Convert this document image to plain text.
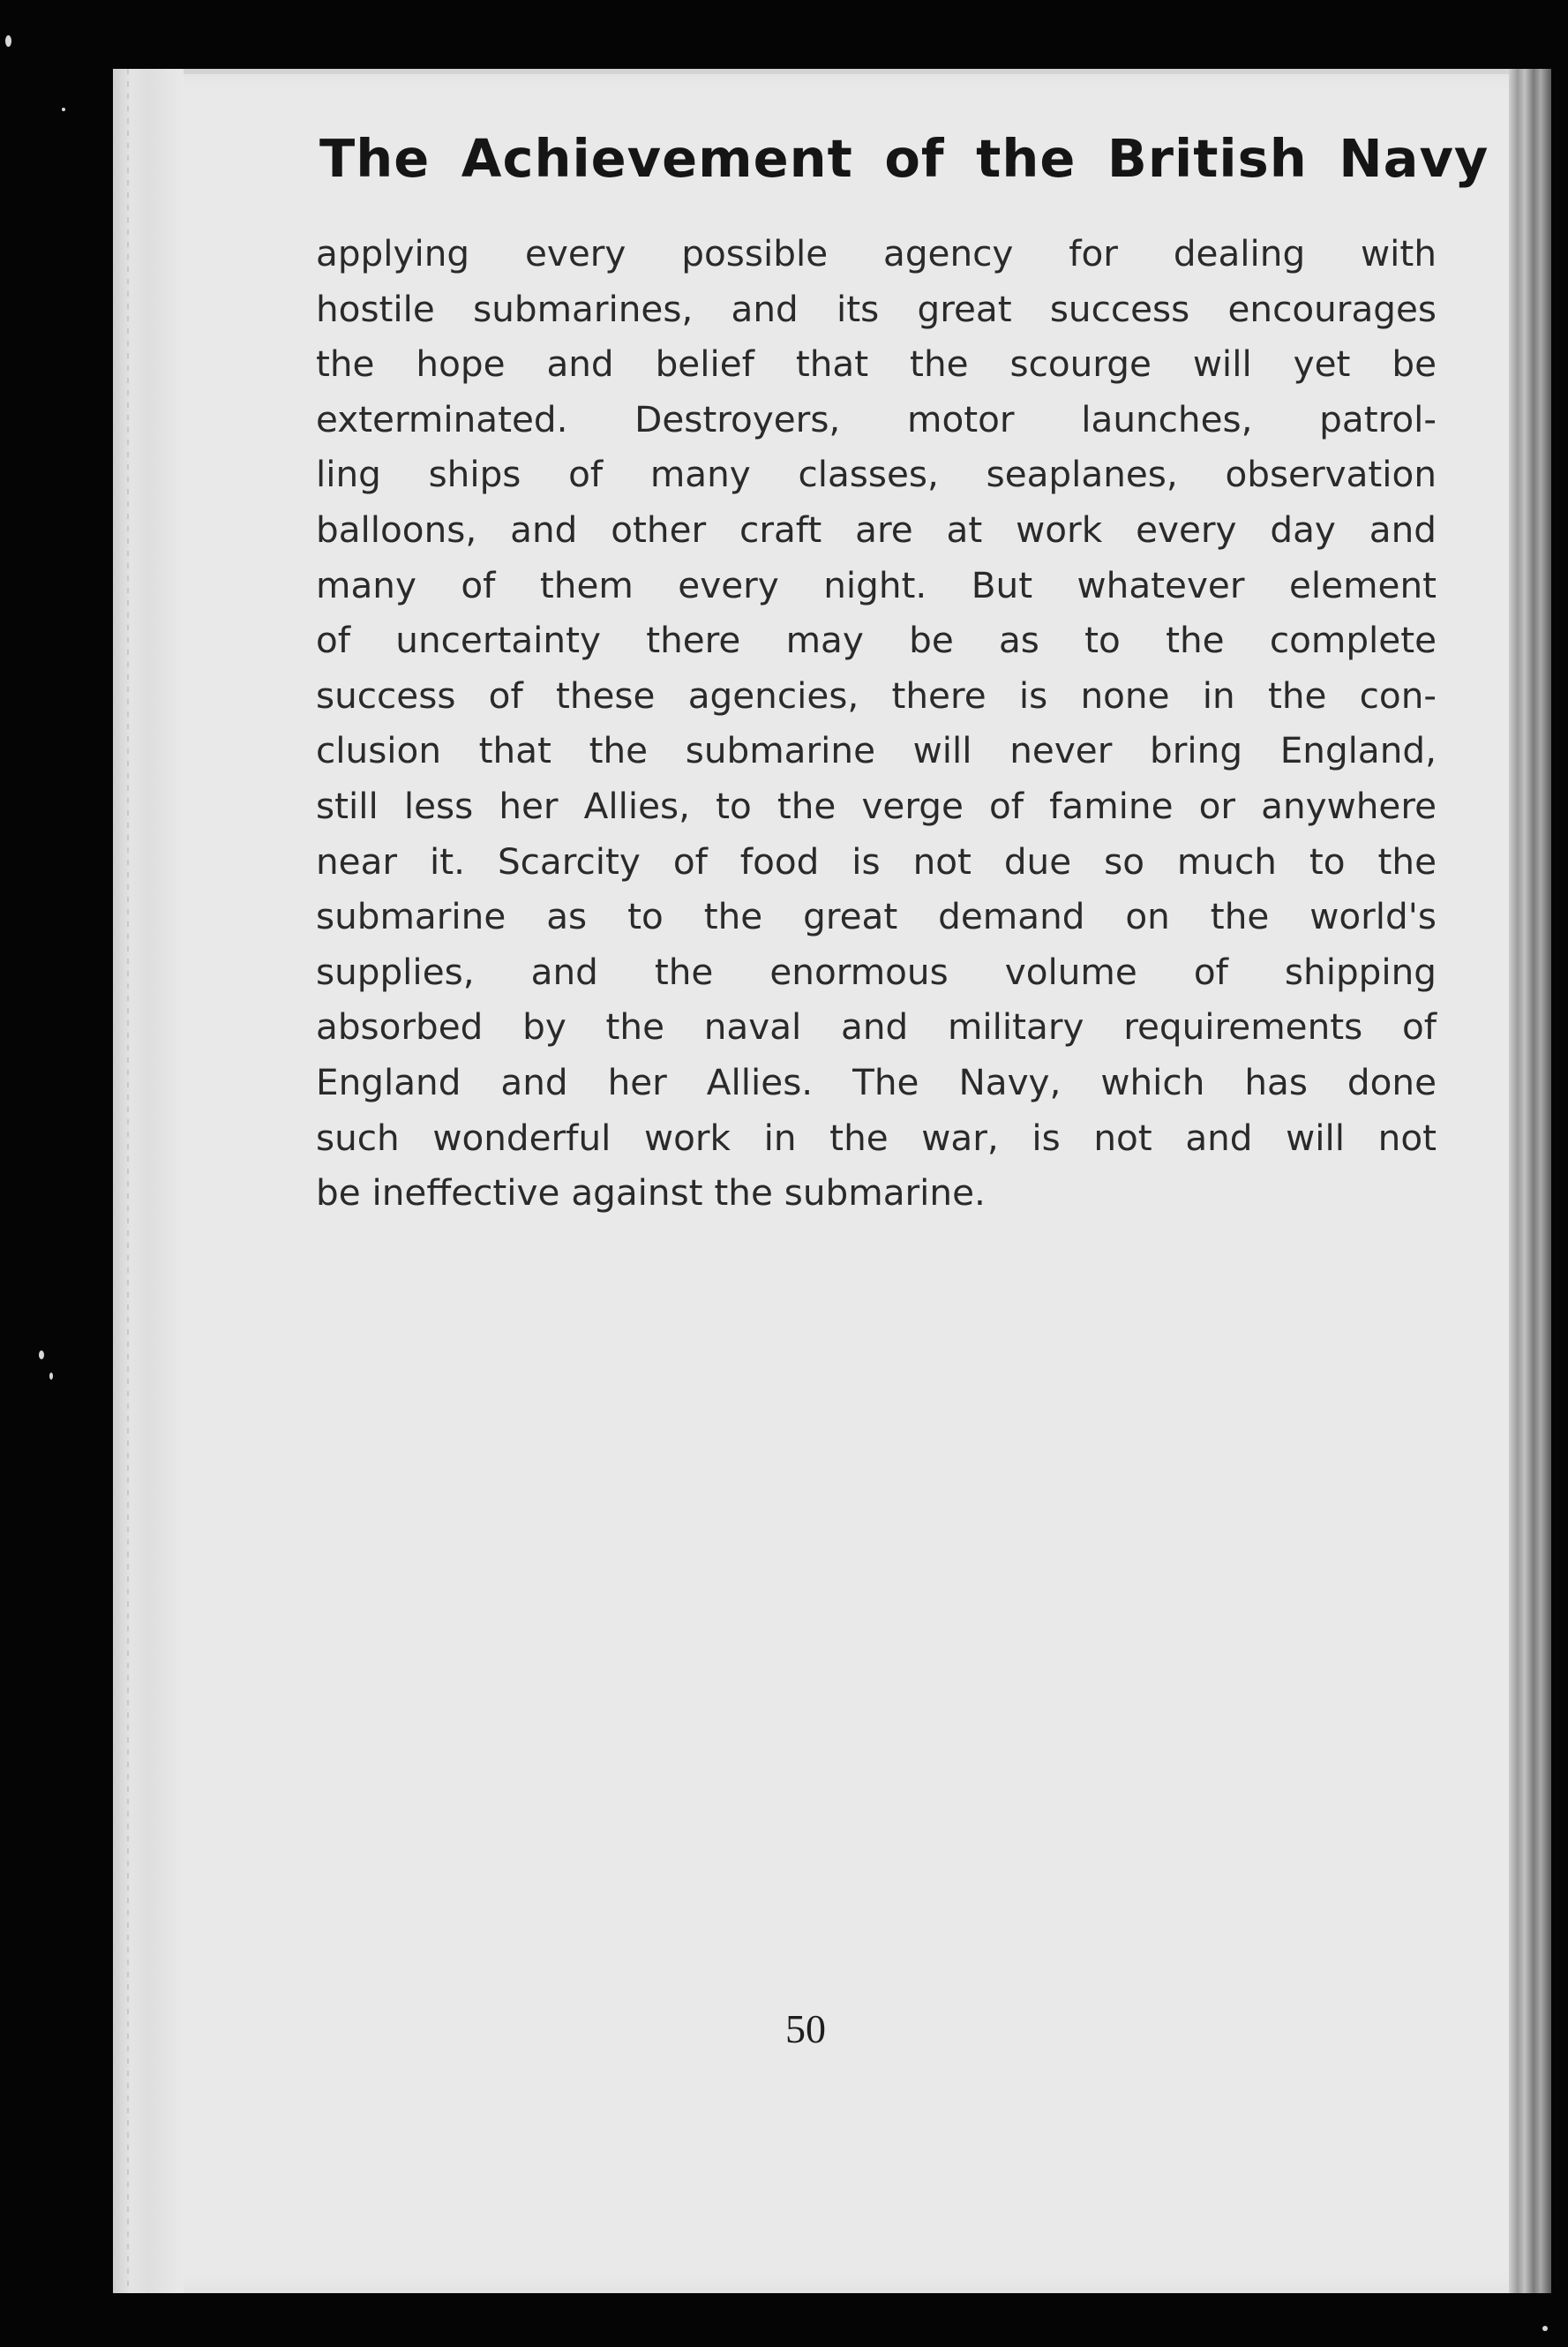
The Achievement of the British Navy
applying every possible agency for dealing with
hostile submarines, and its great success encourages
the hope and belief that the scourge will yet be
exterminated. Destroyers, motor launches, patrol-
ling ships of many classes, seaplanes, observation
balloons, and other craft are at work every day and
many of them every night. But whatever element
of uncertainty there may be as to the complete
success of these agencies, there is none in the con-
clusion that the submarine will never bring England,
still less her Allies, to the verge of famine or anywhere
near it. Scarcity of food is not due so much to the
submarine as to the great demand on the world's
supplies, and the enormous volume of shipping
absorbed by the naval and military requirements of
England and her Allies. The Navy, which has done
such wonderful work in the war, is not and will not
be ineffective against the submarine.

50
